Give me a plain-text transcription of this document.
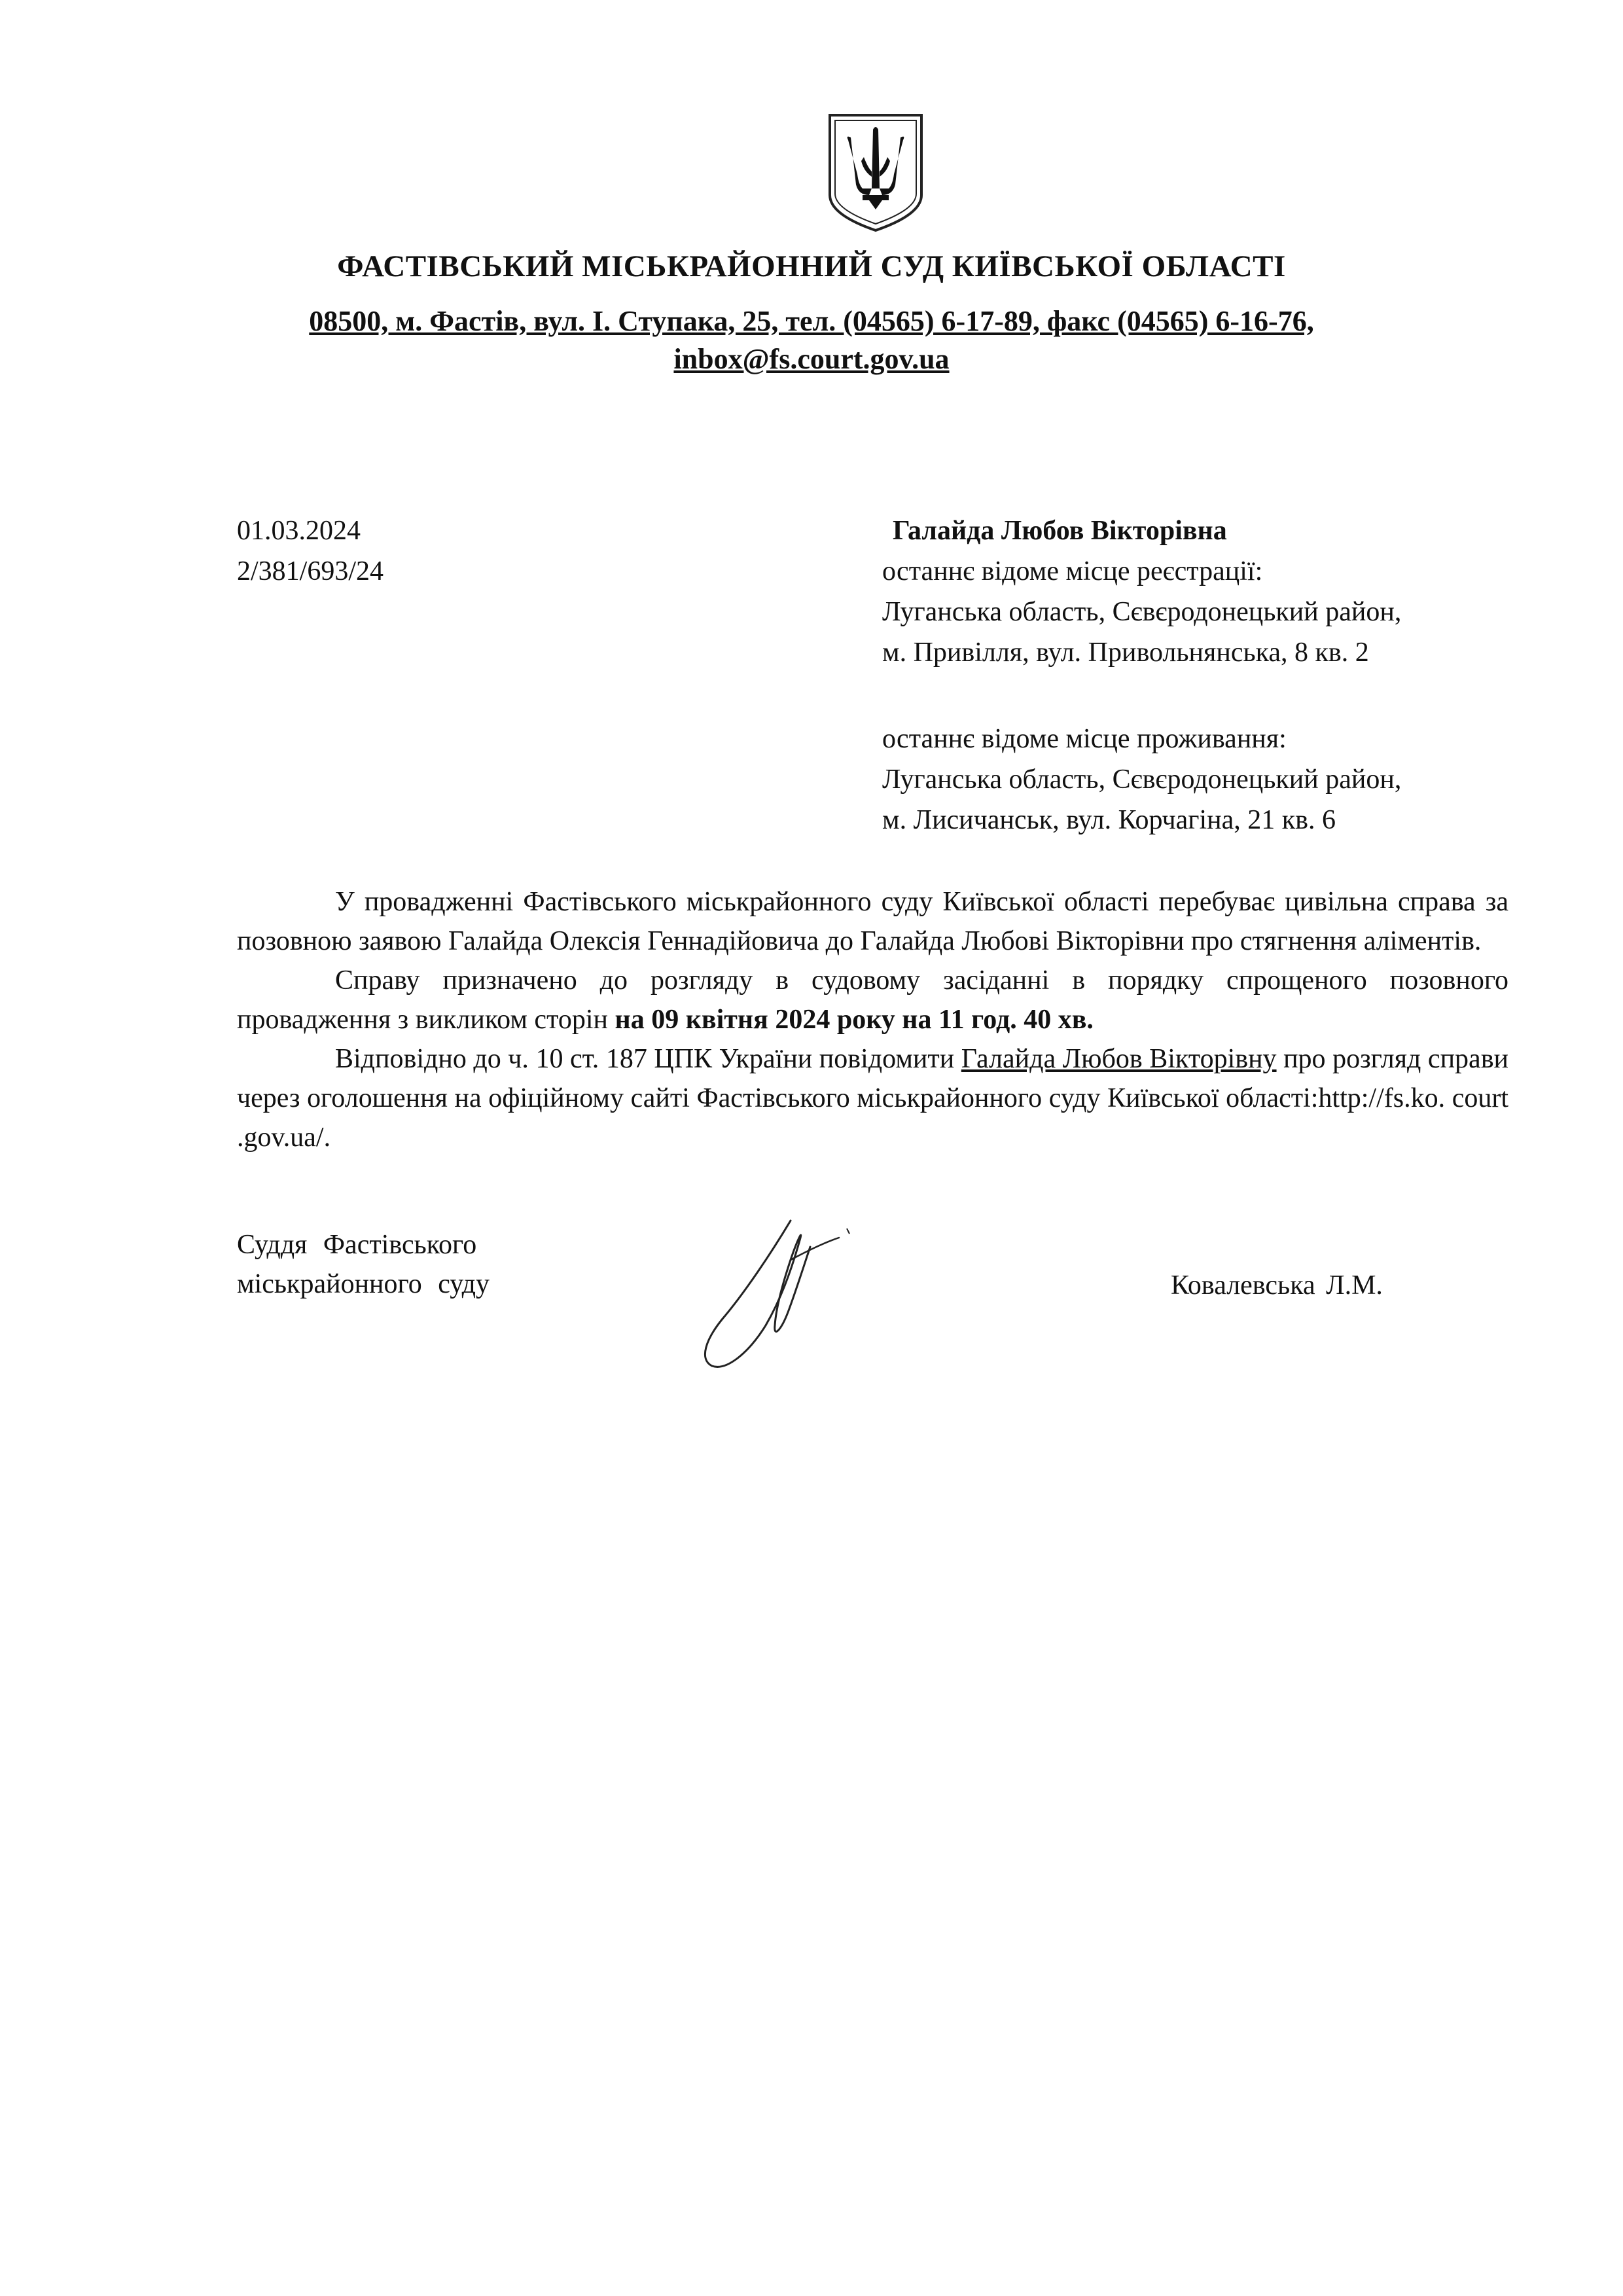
ФАСТІВСЬКИЙ МІСЬКРАЙОННИЙ СУД КИЇВСЬКОЇ ОБЛАСТІ
08500, м. Фастів, вул. І. Ступака, 25, тел. (04565) 6-17-89, факс (04565) 6-16-76,
inbox@fs.court.gov.ua
01.03.2024
2/381/693/24
Галайда Любов Вікторівна
останнє відоме місце реєстрації:
Луганська область, Сєвєродонецький район,
м. Привілля, вул. Привольнянська, 8 кв. 2
останнє відоме місце проживання:
Луганська область, Сєвєродонецький район,
м. Лисичанськ, вул. Корчагіна, 21 кв. 6

У провадженні Фастівського міськрайонного суду Київської області перебуває цивільна справа за позовною заявою Галайда Олексія Геннадійовича до Галайда Любові Вікторівни про стягнення аліментів.

Справу призначено до розгляду в судовому засіданні в порядку спрощеного позовного провадження з викликом сторін на 09 квітня 2024 року на 11 год. 40 хв.

Відповідно до ч. 10 ст. 187 ЦПК України повідомити Галайда Любов Вікторівну про розгляд справи через оголошення на офіційному сайті Фастівського міськрайонного суду Київської області:http://fs.ko. court .gov.ua/.

Суддя Фастівського
міськрайонного суду	Ковалевська Л.М.
